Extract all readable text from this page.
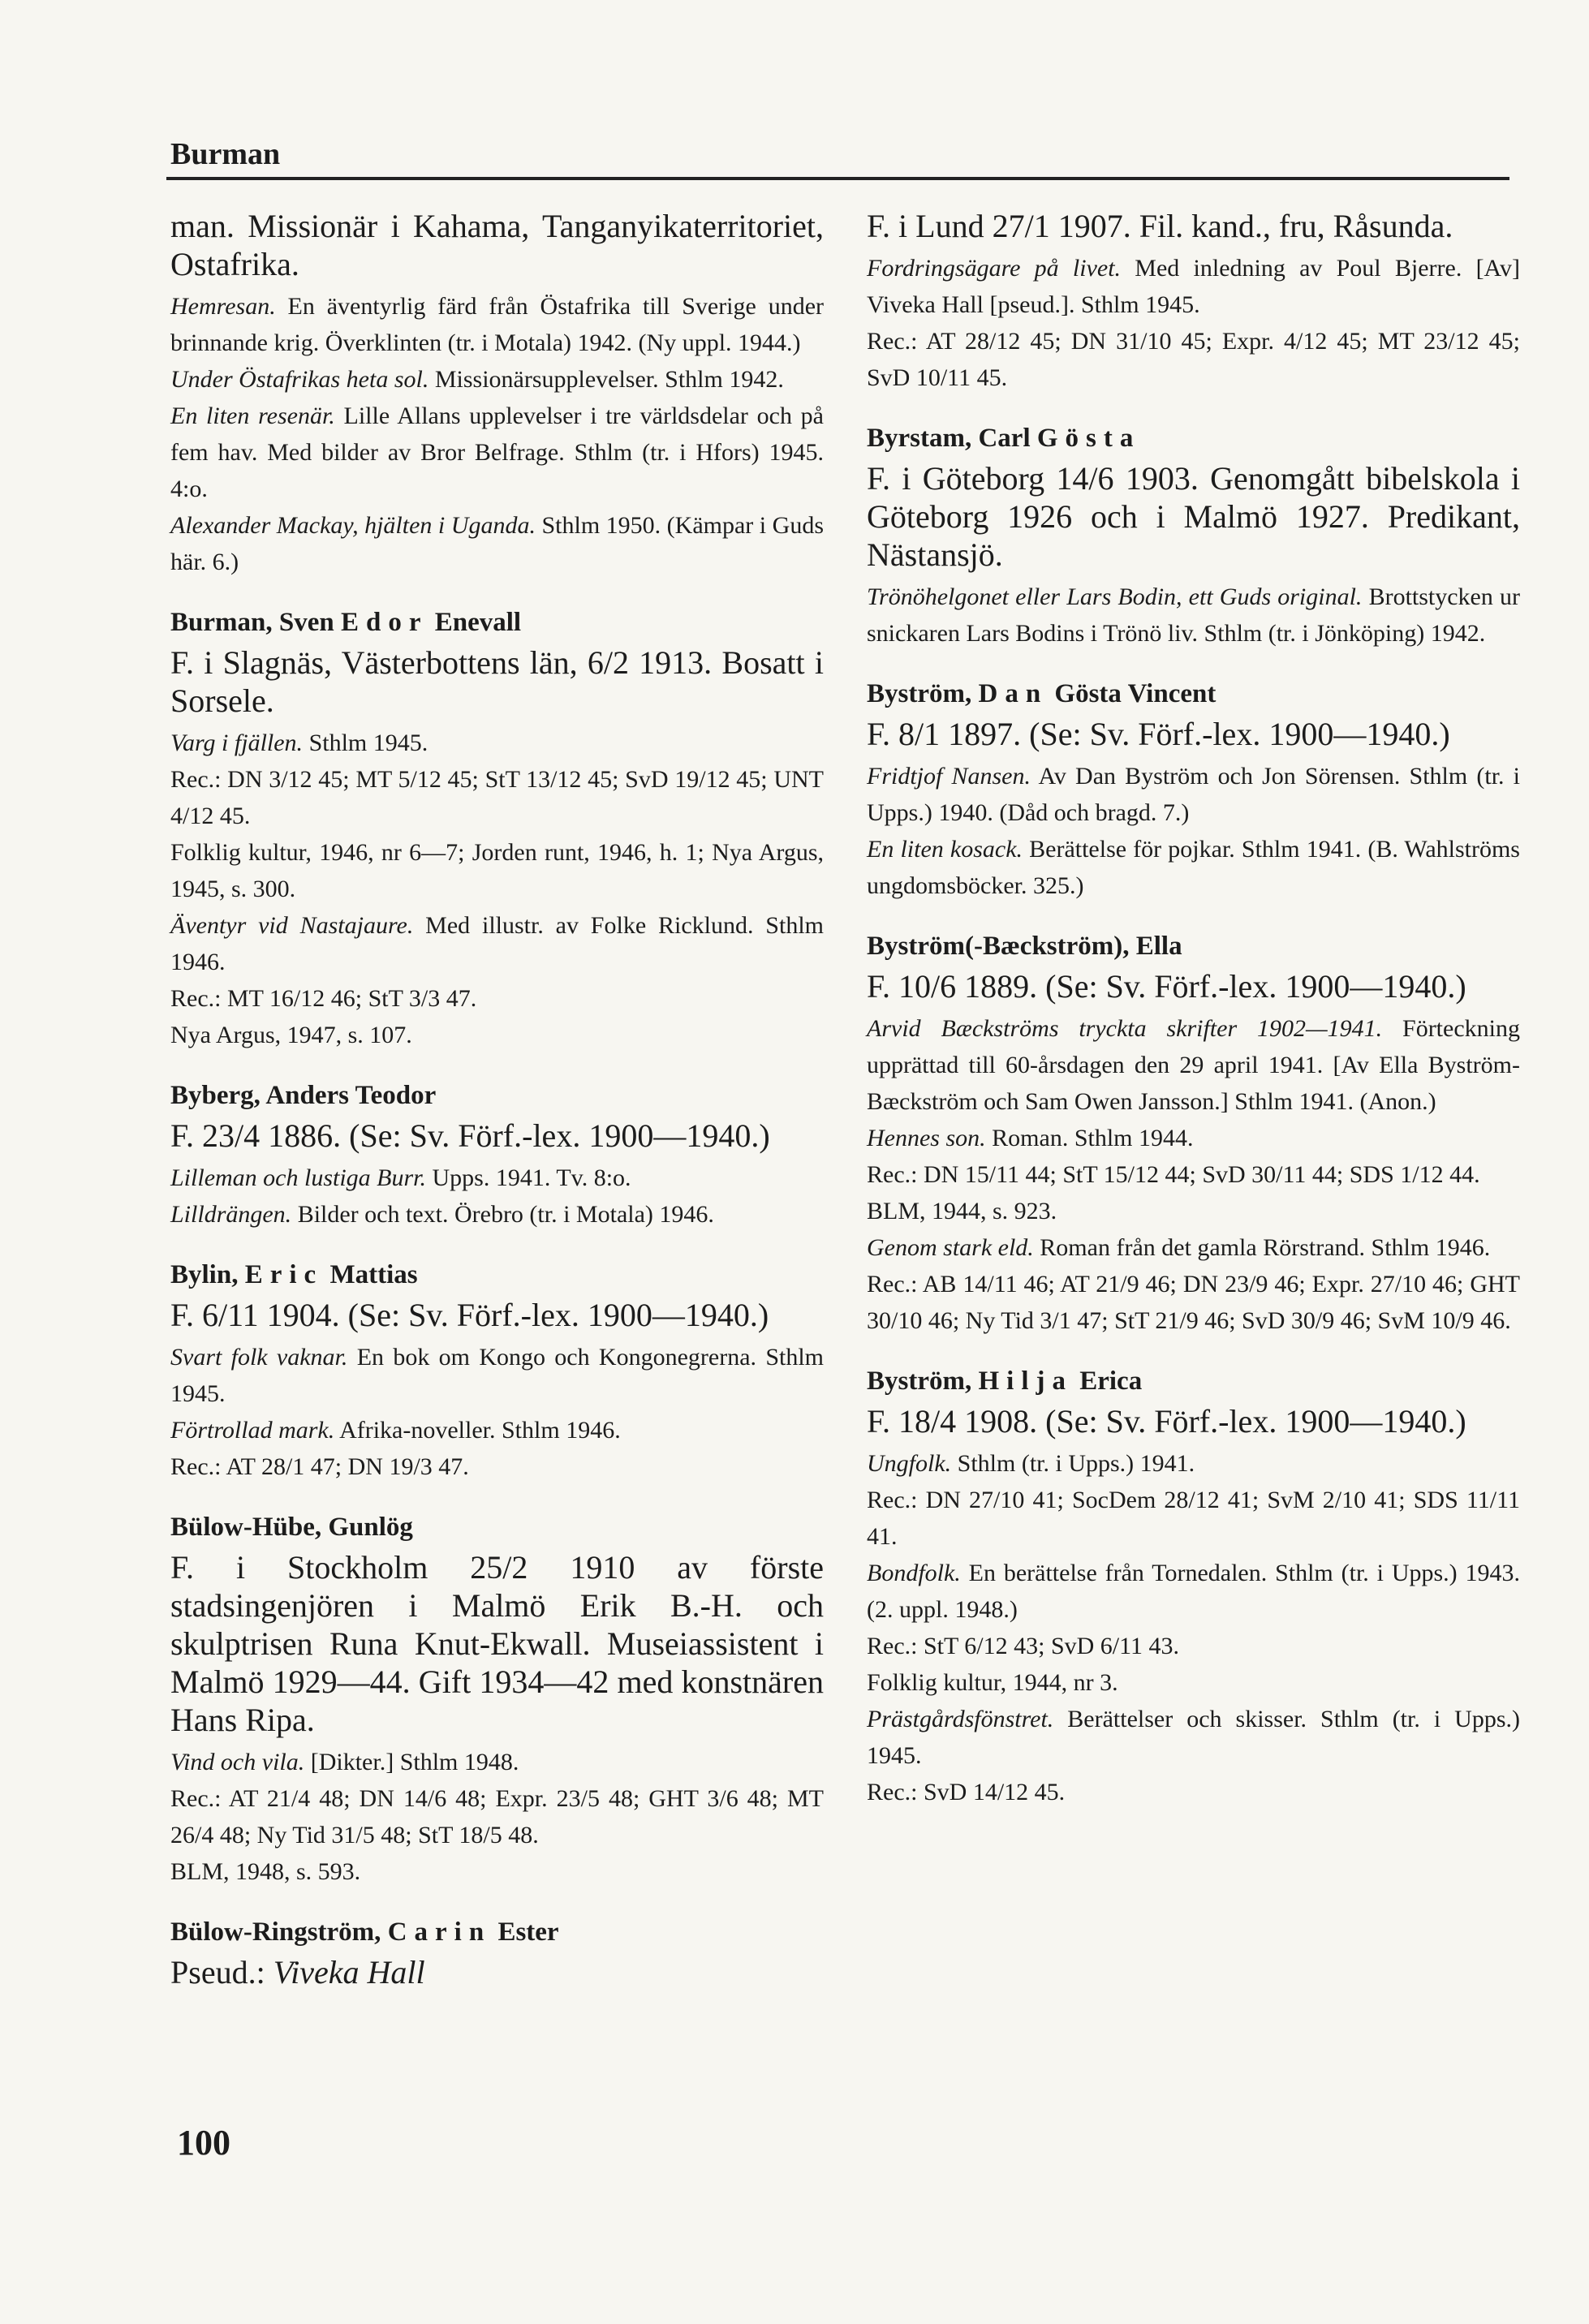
Burman

man. Missionär i Kahama, Tanganyikaterritoriet, Ostafrika.

Hemresan. En äventyrlig färd från Östafrika till Sverige under brinnande krig. Överklinten (tr. i Motala) 1942. (Ny uppl. 1944.)

Under Östafrikas heta sol. Missionärsupplevelser. Sthlm 1942.

En liten resenär. Lille Allans upplevelser i tre världsdelar och på fem hav. Med bilder av Bror Belfrage. Sthlm (tr. i Hfors) 1945. 4:o.

Alexander Mackay, hjälten i Uganda. Sthlm 1950. (Kämpar i Guds här. 6.)

Burman, Sven Edor Enevall

F. i Slagnäs, Västerbottens län, 6/2 1913. Bosatt i Sorsele.

Varg i fjällen. Sthlm 1945.

Rec.: DN 3/12 45; MT 5/12 45; StT 13/12 45; SvD 19/12 45; UNT 4/12 45.

Folklig kultur, 1946, nr 6—7; Jorden runt, 1946, h. 1; Nya Argus, 1945, s. 300.

Äventyr vid Nastajaure. Med illustr. av Folke Ricklund. Sthlm 1946.

Rec.: MT 16/12 46; StT 3/3 47.

Nya Argus, 1947, s. 107.

Byberg, Anders Teodor

F. 23/4 1886. (Se: Sv. Förf.-lex. 1900—1940.)

Lilleman och lustiga Burr. Upps. 1941. Tv. 8:o.

Lilldrängen. Bilder och text. Örebro (tr. i Motala) 1946.

Bylin, Eric Mattias

F. 6/11 1904. (Se: Sv. Förf.-lex. 1900—1940.)

Svart folk vaknar. En bok om Kongo och Kongonegrerna. Sthlm 1945.

Förtrollad mark. Afrika-noveller. Sthlm 1946.

Rec.: AT 28/1 47; DN 19/3 47.

Bülow-Hübe, Gunlög

F. i Stockholm 25/2 1910 av förste stadsingenjören i Malmö Erik B.-H. och skulptrisen Runa Knut-Ekwall. Museiassistent i Malmö 1929—44. Gift 1934—42 med konstnären Hans Ripa.

Vind och vila. [Dikter.] Sthlm 1948.

Rec.: AT 21/4 48; DN 14/6 48; Expr. 23/5 48; GHT 3/6 48; MT 26/4 48; Ny Tid 31/5 48; StT 18/5 48.

BLM, 1948, s. 593.

Bülow-Ringström, Carin Ester

Pseud.: Viveka Hall

F. i Lund 27/1 1907. Fil. kand., fru, Råsunda.

Fordringsägare på livet. Med inledning av Poul Bjerre. [Av] Viveka Hall [pseud.]. Sthlm 1945.

Rec.: AT 28/12 45; DN 31/10 45; Expr. 4/12 45; MT 23/12 45; SvD 10/11 45.

Byrstam, Carl Gösta

F. i Göteborg 14/6 1903. Genomgått bibelskola i Göteborg 1926 och i Malmö 1927. Predikant, Nästansjö.

Trönöhelgonet eller Lars Bodin, ett Guds original. Brottstycken ur snickaren Lars Bodins i Trönö liv. Sthlm (tr. i Jönköping) 1942.

Byström, Dan Gösta Vincent

F. 8/1 1897. (Se: Sv. Förf.-lex. 1900—1940.)

Fridtjof Nansen. Av Dan Byström och Jon Sörensen. Sthlm (tr. i Upps.) 1940. (Dåd och bragd. 7.)

En liten kosack. Berättelse för pojkar. Sthlm 1941. (B. Wahlströms ungdomsböcker. 325.)

Byström(-Bæckström), Ella

F. 10/6 1889. (Se: Sv. Förf.-lex. 1900—1940.)

Arvid Bæckströms tryckta skrifter 1902—1941. Förteckning upprättad till 60-årsdagen den 29 april 1941. [Av Ella Byström-Bæckström och Sam Owen Jansson.] Sthlm 1941. (Anon.)

Hennes son. Roman. Sthlm 1944.

Rec.: DN 15/11 44; StT 15/12 44; SvD 30/11 44; SDS 1/12 44.

BLM, 1944, s. 923.

Genom stark eld. Roman från det gamla Rörstrand. Sthlm 1946.

Rec.: AB 14/11 46; AT 21/9 46; DN 23/9 46; Expr. 27/10 46; GHT 30/10 46; Ny Tid 3/1 47; StT 21/9 46; SvD 30/9 46; SvM 10/9 46.

Byström, Hilja Erica

F. 18/4 1908. (Se: Sv. Förf.-lex. 1900—1940.)

Ungfolk. Sthlm (tr. i Upps.) 1941.

Rec.: DN 27/10 41; SocDem 28/12 41; SvM 2/10 41; SDS 11/11 41.

Bondfolk. En berättelse från Tornedalen. Sthlm (tr. i Upps.) 1943. (2. uppl. 1948.)

Rec.: StT 6/12 43; SvD 6/11 43.

Folklig kultur, 1944, nr 3.

Prästgårdsfönstret. Berättelser och skisser. Sthlm (tr. i Upps.) 1945.

Rec.: SvD 14/12 45.

100
